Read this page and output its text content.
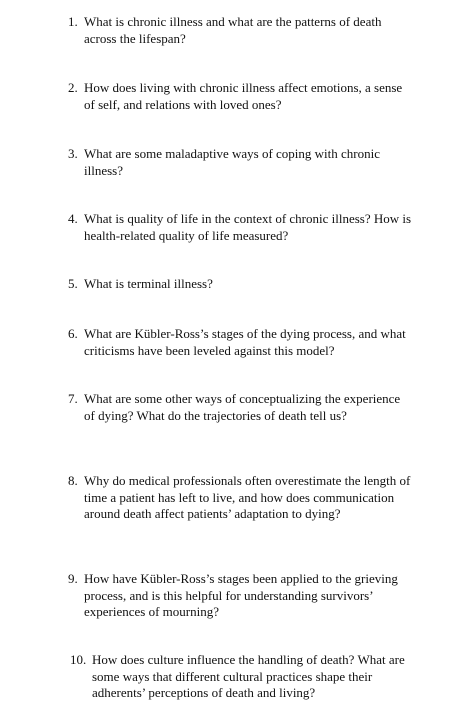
1. What is chronic illness and what are the patterns of death across the lifespan?
2. How does living with chronic illness affect emotions, a sense of self, and relations with loved ones?
3. What are some maladaptive ways of coping with chronic illness?
4. What is quality of life in the context of chronic illness? How is health-related quality of life measured?
5. What is terminal illness?
6. What are Kübler-Ross’s stages of the dying process, and what criticisms have been leveled against this model?
7. What are some other ways of conceptualizing the experience of dying? What do the trajectories of death tell us?
8. Why do medical professionals often overestimate the length of time a patient has left to live, and how does communication around death affect patients’ adaptation to dying?
9. How have Kübler-Ross’s stages been applied to the grieving process, and is this helpful for understanding survivors’ experiences of mourning?
10. How does culture influence the handling of death? What are some ways that different cultural practices shape their adherents’ perceptions of death and living?
